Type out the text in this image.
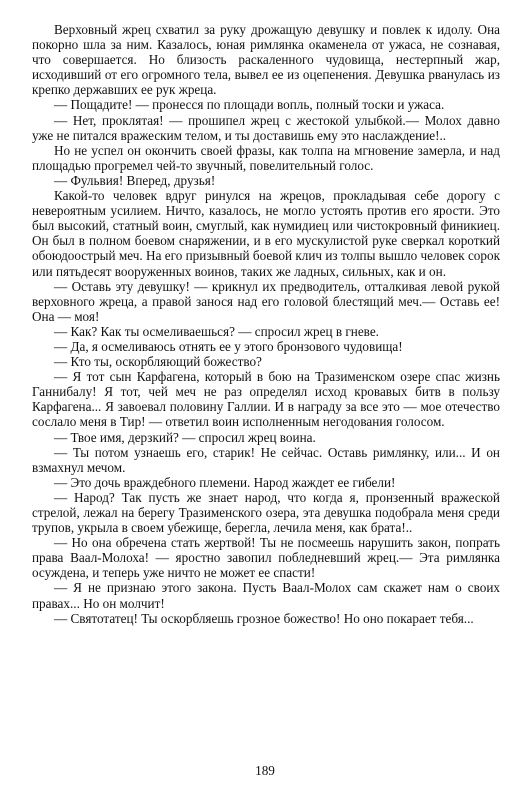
Верховный жрец схватил за руку дрожащую девушку и повлек к идолу. Она покорно шла за ним. Казалось, юная римлянка окаменела от ужаса, не сознавая, что совершается. Но близость раскаленного чудовища, нестерпный жар, исходивший от его огромного тела, вывел ее из оцепенения. Девушка рванулась из крепко державших ее рук жреца.

— Пощадите! — пронесся по площади вопль, полный тоски и ужаса.

— Нет, проклятая! — прошипел жрец с жестокой улыбкой.— Молох давно уже не питался вражеским телом, и ты доставишь ему это наслаждение!..

Но не успел он окончить своей фразы, как толпа на мгновение замерла, и над площадью прогремел чей-то звучный, повелительный голос.

— Фульвия! Вперед, друзья!

Какой-то человек вдруг ринулся на жрецов, прокладывая себе дорогу с невероятным усилием. Ничто, казалось, не могло устоять против его ярости. Это был высокий, статный воин, смуглый, как нумидиец или чистокровный финикиец. Он был в полном боевом снаряжении, и в его мускулистой руке сверкал короткий обоюдоострый меч. На его призывный боевой клич из толпы вышло человек сорок или пятьдесят вооруженных воинов, таких же ладных, сильных, как и он.

— Оставь эту девушку! — крикнул их предводитель, отталкивая левой рукой верховного жреца, а правой занося над его головой блестящий меч.— Оставь ее! Она — моя!

— Как? Как ты осмеливаешься? — спросил жрец в гневе.

— Да, я осмеливаюсь отнять ее у этого бронзового чудовища!

— Кто ты, оскорбляющий божество?

— Я тот сын Карфагена, который в бою на Тразименском озере спас жизнь Ганнибалу! Я тот, чей меч не раз определял исход кровавых битв в пользу Карфагена... Я завоевал половину Галлии. И в награду за все это — мое отечество сослало меня в Тир! — ответил воин исполненным негодования голосом.

— Твое имя, дерзкий? — спросил жрец воина.

— Ты потом узнаешь его, старик! Не сейчас. Оставь римлянку, или... И он взмахнул мечом.

— Это дочь враждебного племени. Народ жаждет ее гибели!

— Народ? Так пусть же знает народ, что когда я, пронзенный вражеской стрелой, лежал на берегу Тразименского озера, эта девушка подобрала меня среди трупов, укрыла в своем убежище, берегла, лечила меня, как брата!..

— Но она обречена стать жертвой! Ты не посмеешь нарушить закон, попрать права Ваал-Молоха! — яростно завопил побледневший жрец.— Эта римлянка осуждена, и теперь уже ничто не может ее спасти!

— Я не признаю этого закона. Пусть Ваал-Молох сам скажет нам о своих правах... Но он молчит!

— Святотатец! Ты оскорбляешь грозное божество! Но оно покарает тебя...

189
